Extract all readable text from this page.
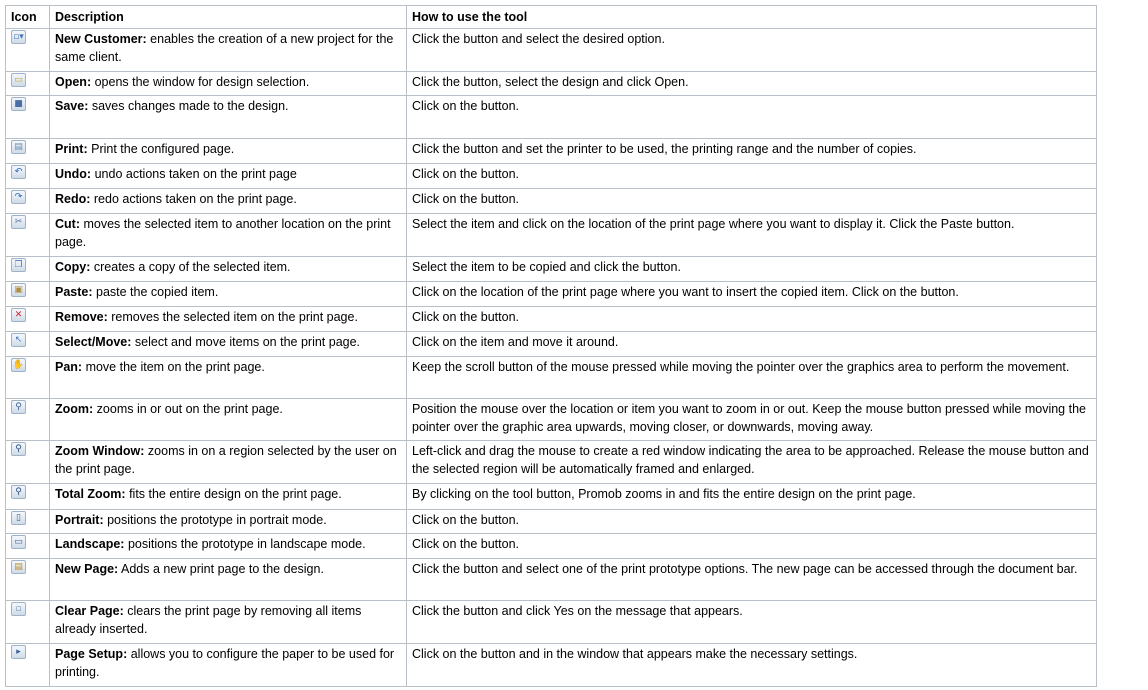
Icon	Description	How to use the tool

▫▾	New Customer: enables the creation of a new project for the same client.	Click the button and select the desired option.

▭	Open: opens the window for design selection.	Click the button, select the design and click Open.

■	Save: saves changes made to the design.	Click on the button.

▤	Print: Print the configured page.	Click the button and set the printer to be used, the printing range and the number of copies.

↶	Undo: undo actions taken on the print page	Click on the button.

↷	Redo: redo actions taken on the print page.	Click on the button.

✂	Cut: moves the selected item to another location on the print page.	Select the item and click on the location of the print page where you want to display it. Click the Paste button.

❐	Copy: creates a copy of the selected item.	Select the item to be copied and click the button.

▣	Paste: paste the copied item.	Click on the location of the print page where you want to insert the copied item. Click on the button.

✕	Remove: removes the selected item on the print page.	Click on the button.

↖	Select/Move: select and move items on the print page.	Click on the item and move it around.

✋	Pan: move the item on the print page.	Keep the scroll button of the mouse pressed while moving the pointer over the graphics area to perform the movement.

⚲	Zoom: zooms in or out on the print page.	Position the mouse over the location or item you want to zoom in or out. Keep the mouse button pressed while moving the pointer over the graphic area upwards, moving closer, or downwards, moving away.

⚲	Zoom Window: zooms in on a region selected by the user on the print page.	Left-click and drag the mouse to create a red window indicating the area to be approached. Release the mouse button and the selected region will be automatically framed and enlarged.

⚲	Total Zoom: fits the entire design on the print page.	By clicking on the tool button, Promob zooms in and fits the entire design on the print page.

▯	Portrait: positions the prototype in portrait mode.	Click on the button.

▭	Landscape: positions the prototype in landscape mode.	Click on the button.

▤	New Page: Adds a new print page to the design.	Click the button and select one of the print prototype options. The new page can be accessed through the document bar.

▫	Clear Page: clears the print page by removing all items already inserted.	Click the button and click Yes on the message that appears.

▸	Page Setup: allows you to configure the paper to be used for printing.	Click on the button and in the window that appears make the necessary settings.
